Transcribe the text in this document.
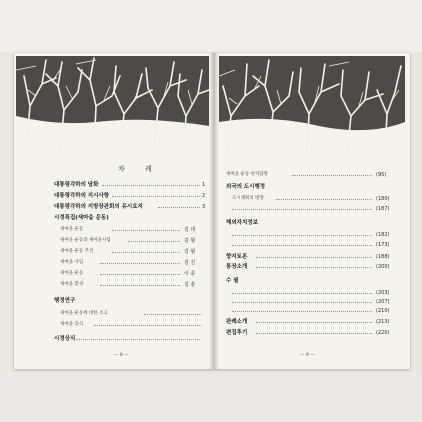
차 례
대통령각하의 담화	1
대통령각하의 지시사항	2
대통령각하의 지방장관회의 유시요지	3
시정특집(새마을 운동)
새마을 운동	김 대
새마을 운동과 새마을사업	김 형
새마을 운동 추진	김 형
새마을 사업	김 진
새마을 운동	이 종
새마을 환경	김 흥
행정연구
새마을 운동에 대한 소고
새마을 의식
시정상식
— 8 —
새마을 운동 현지답방	(95)
외국의 도시행정
도시계획의 방향	(180)
(187)
해외자치정보
(182)
(173)
향지토론	(188)
통장소개	(200)
수 필
(203)
(207)
(210)
판례소개	(213)
편집후기	(220)
— 9 —
